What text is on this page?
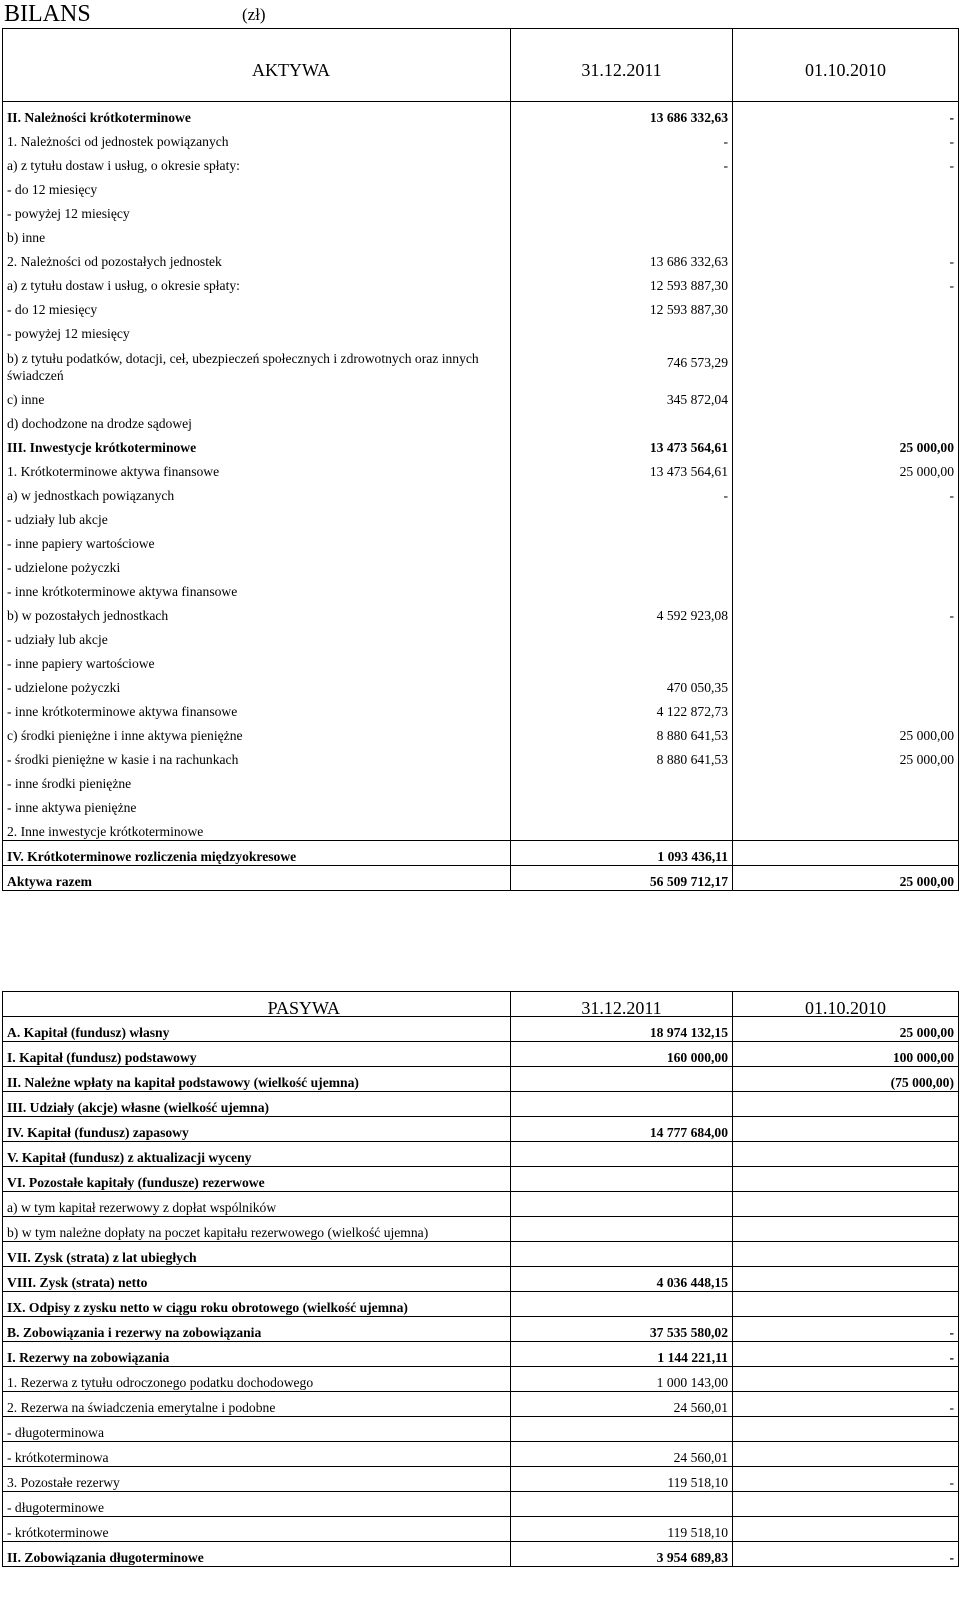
BILANS	(zł)
AKTYWA	31.12.2011	01.10.2010
II. Należności krótkoterminowe	13 686 332,63	-
1. Należności od jednostek powiązanych	-	-
a) z tytułu dostaw i usług, o okresie spłaty:	-	-
- do 12 miesięcy		
- powyżej 12 miesięcy		
b) inne		
2. Należności od pozostałych jednostek	13 686 332,63	-
a) z tytułu dostaw i usług, o okresie spłaty:	12 593 887,30	-
- do 12 miesięcy	12 593 887,30	
- powyżej 12 miesięcy		
b) z tytułu podatków, dotacji, ceł, ubezpieczeń społecznych i zdrowotnych oraz innych świadczeń	746 573,29	
c) inne	345 872,04	
d) dochodzone na drodze sądowej		
III. Inwestycje krótkoterminowe	13 473 564,61	25 000,00
1. Krótkoterminowe aktywa finansowe	13 473 564,61	25 000,00
a) w jednostkach powiązanych	-	-
- udziały lub akcje		
- inne papiery wartościowe		
- udzielone pożyczki		
- inne krótkoterminowe aktywa finansowe		
b) w pozostałych jednostkach	4 592 923,08	-
- udziały lub akcje		
- inne papiery wartościowe		
- udzielone pożyczki	470 050,35	
- inne krótkoterminowe aktywa finansowe	4 122 872,73	
c) środki pieniężne i inne aktywa pieniężne	8 880 641,53	25 000,00
- środki pieniężne w kasie i na rachunkach	8 880 641,53	25 000,00
- inne środki pieniężne		
- inne aktywa pieniężne		
2. Inne inwestycje krótkoterminowe		
IV. Krótkoterminowe rozliczenia międzyokresowe	1 093 436,11	
Aktywa razem	56 509 712,17	25 000,00
PASYWA	31.12.2011	01.10.2010
A. Kapitał (fundusz) własny	18 974 132,15	25 000,00
I. Kapitał (fundusz) podstawowy	160 000,00	100 000,00
II. Należne wpłaty na kapitał podstawowy (wielkość ujemna)		(75 000,00)
III. Udziały (akcje) własne (wielkość ujemna)		
IV. Kapitał (fundusz) zapasowy	14 777 684,00	
V. Kapitał (fundusz) z aktualizacji wyceny		
VI. Pozostałe kapitały (fundusze) rezerwowe		
a) w tym kapitał rezerwowy z dopłat wspólników		
b) w tym należne dopłaty na poczet kapitału rezerwowego (wielkość ujemna)		
VII. Zysk (strata) z lat ubiegłych		
VIII. Zysk (strata) netto	4 036 448,15	
IX. Odpisy z zysku netto w ciągu roku obrotowego (wielkość ujemna)		
B. Zobowiązania i rezerwy na zobowiązania	37 535 580,02	-
I. Rezerwy na zobowiązania	1 144 221,11	-
1. Rezerwa z tytułu odroczonego podatku dochodowego	1 000 143,00	
2. Rezerwa na świadczenia emerytalne i podobne	24 560,01	-
- długoterminowa		
- krótkoterminowa	24 560,01	
3. Pozostałe rezerwy	119 518,10	-
- długoterminowe		
- krótkoterminowe	119 518,10	
II. Zobowiązania długoterminowe	3 954 689,83	-
